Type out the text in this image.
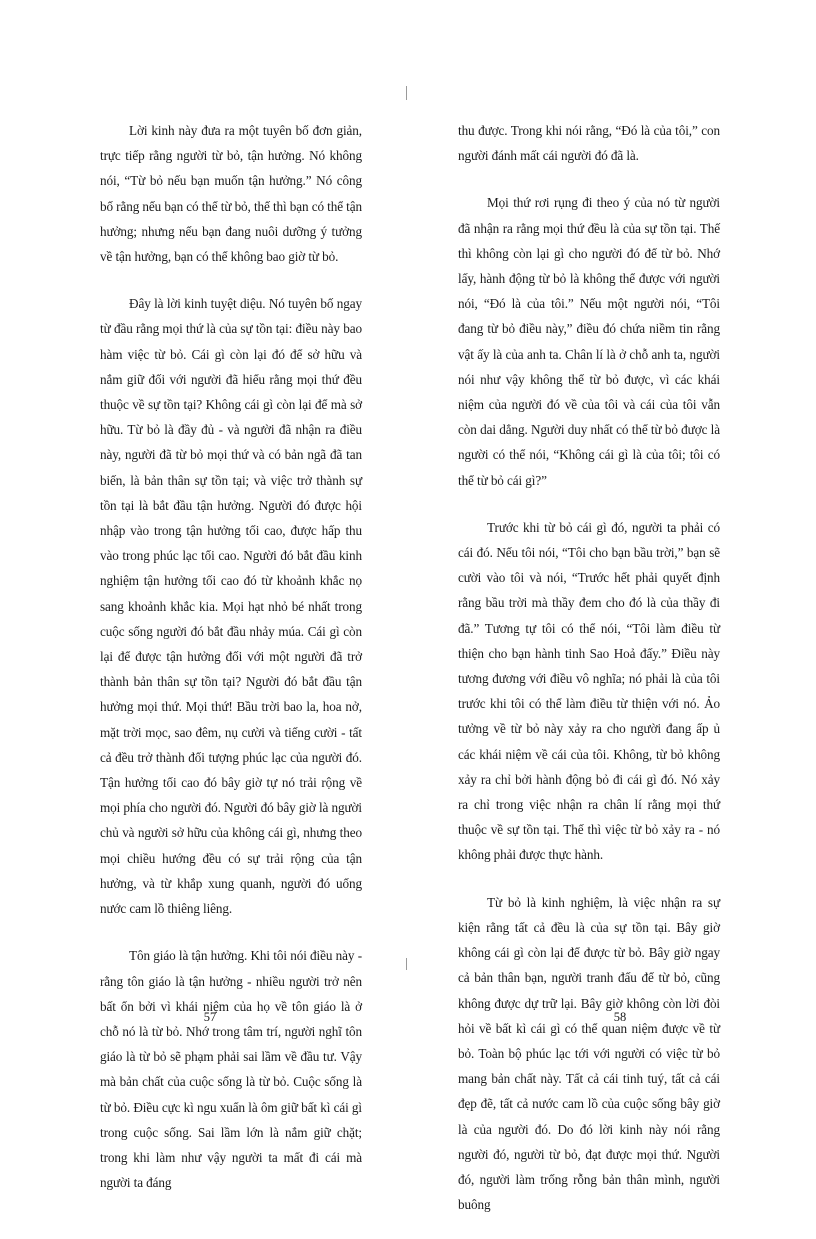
Lời kinh này đưa ra một tuyên bố đơn giản, trực tiếp rằng người từ bỏ, tận hưởng. Nó không nói, “Từ bỏ nếu bạn muốn tận hưởng.” Nó công bố rằng nếu bạn có thể từ bỏ, thế thì bạn có thể tận hưởng; nhưng nếu bạn đang nuôi dưỡng ý tưởng về tận hưởng, bạn có thể không bao giờ từ bỏ.

Đây là lời kinh tuyệt diệu. Nó tuyên bố ngay từ đầu rằng mọi thứ là của sự tồn tại: điều này bao hàm việc từ bỏ. Cái gì còn lại đó để sở hữu và nắm giữ đối với người đã hiểu rằng mọi thứ đều thuộc về sự tồn tại? Không cái gì còn lại để mà sở hữu. Từ bỏ là đầy đủ - và người đã nhận ra điều này, người đã từ bỏ mọi thứ và có bản ngã đã tan biến, là bản thân sự tồn tại; và việc trở thành sự tồn tại là bắt đầu tận hưởng. Người đó được hội nhập vào trong tận hưởng tối cao, được hấp thu vào trong phúc lạc tối cao. Người đó bắt đầu kinh nghiệm tận hưởng tối cao đó từ khoảnh khắc nọ sang khoảnh khắc kia. Mọi hạt nhỏ bé nhất trong cuộc sống người đó bắt đầu nhảy múa. Cái gì còn lại để được tận hưởng đối với một người đã trở thành bản thân sự tồn tại? Người đó bắt đầu tận hưởng mọi thứ. Mọi thứ! Bầu trời bao la, hoa nở, mặt trời mọc, sao đêm, nụ cười và tiếng cười - tất cả đều trở thành đối tượng phúc lạc của người đó. Tận hưởng tối cao đó bây giờ tự nó trải rộng về mọi phía cho người đó. Người đó bây giờ là người chủ và người sở hữu của không cái gì, nhưng theo mọi chiều hướng đều có sự trải rộng của tận hưởng, và từ khắp xung quanh, người đó uống nước cam lồ thiêng liêng.

Tôn giáo là tận hưởng. Khi tôi nói điều này - rằng tôn giáo là tận hưởng - nhiều người trở nên bất ổn bởi vì khái niệm của họ về tôn giáo là ở chỗ nó là từ bỏ. Nhớ trong tâm trí, người nghĩ tôn giáo là từ bỏ sẽ phạm phải sai lầm về đầu tư. Vậy mà bản chất của cuộc sống là từ bỏ. Cuộc sống là từ bỏ. Điều cực kì ngu xuẩn là ôm giữ bất kì cái gì trong cuộc sống. Sai lầm lớn là nắm giữ chặt; trong khi làm như vậy người ta mất đi cái mà người ta đáng

thu được. Trong khi nói rằng, “Đó là của tôi,” con người đánh mất cái người đó đã là.

Mọi thứ rơi rụng đi theo ý của nó từ người đã nhận ra rằng mọi thứ đều là của sự tồn tại. Thế thì không còn lại gì cho người đó để từ bỏ. Nhớ lấy, hành động từ bỏ là không thể được với người nói, “Đó là của tôi.” Nếu một người nói, “Tôi đang từ bỏ điều này,” điều đó chứa niềm tin rằng vật ấy là của anh ta. Chân lí là ở chỗ anh ta, người nói như vậy không thể từ bỏ được, vì các khái niệm của người đó về của tôi và cái của tôi vẫn còn dai dẳng. Người duy nhất có thể từ bỏ được là người có thể nói, “Không cái gì là của tôi; tôi có thể từ bỏ cái gì?”

Trước khi từ bỏ cái gì đó, người ta phải có cái đó. Nếu tôi nói, “Tôi cho bạn bầu trời,” bạn sẽ cười vào tôi và nói, “Trước hết phải quyết định rằng bầu trời mà thầy đem cho đó là của thầy đi đã.” Tương tự tôi có thể nói, “Tôi làm điều từ thiện cho bạn hành tinh Sao Hoả đấy.” Điều này tương đương với điều vô nghĩa; nó phải là của tôi trước khi tôi có thể làm điều từ thiện với nó. Ảo tưởng về từ bỏ này xảy ra cho người đang ấp ủ các khái niệm về cái của tôi. Không, từ bỏ không xảy ra chỉ bởi hành động bỏ đi cái gì đó. Nó xảy ra chỉ trong việc nhận ra chân lí rằng mọi thứ thuộc về sự tồn tại. Thế thì việc từ bỏ xảy ra - nó không phải được thực hành.

Từ bỏ là kinh nghiệm, là việc nhận ra sự kiện rằng tất cả đều là của sự tồn tại. Bây giờ không cái gì còn lại để được từ bỏ. Bây giờ ngay cả bản thân bạn, người tranh đấu để từ bỏ, cũng không được dự trữ lại. Bây giờ không còn lời đòi hỏi về bất kì cái gì có thể quan niệm được về từ bỏ. Toàn bộ phúc lạc tới với người có việc từ bỏ mang bản chất này. Tất cả cái tinh tuý, tất cả cái đẹp đẽ, tất cả nước cam lồ của cuộc sống bây giờ là của người đó. Do đó lời kinh này nói rằng người đó, người từ bỏ, đạt được mọi thứ. Người đó, người làm trống rỗng bản thân mình, người buông

57	58
